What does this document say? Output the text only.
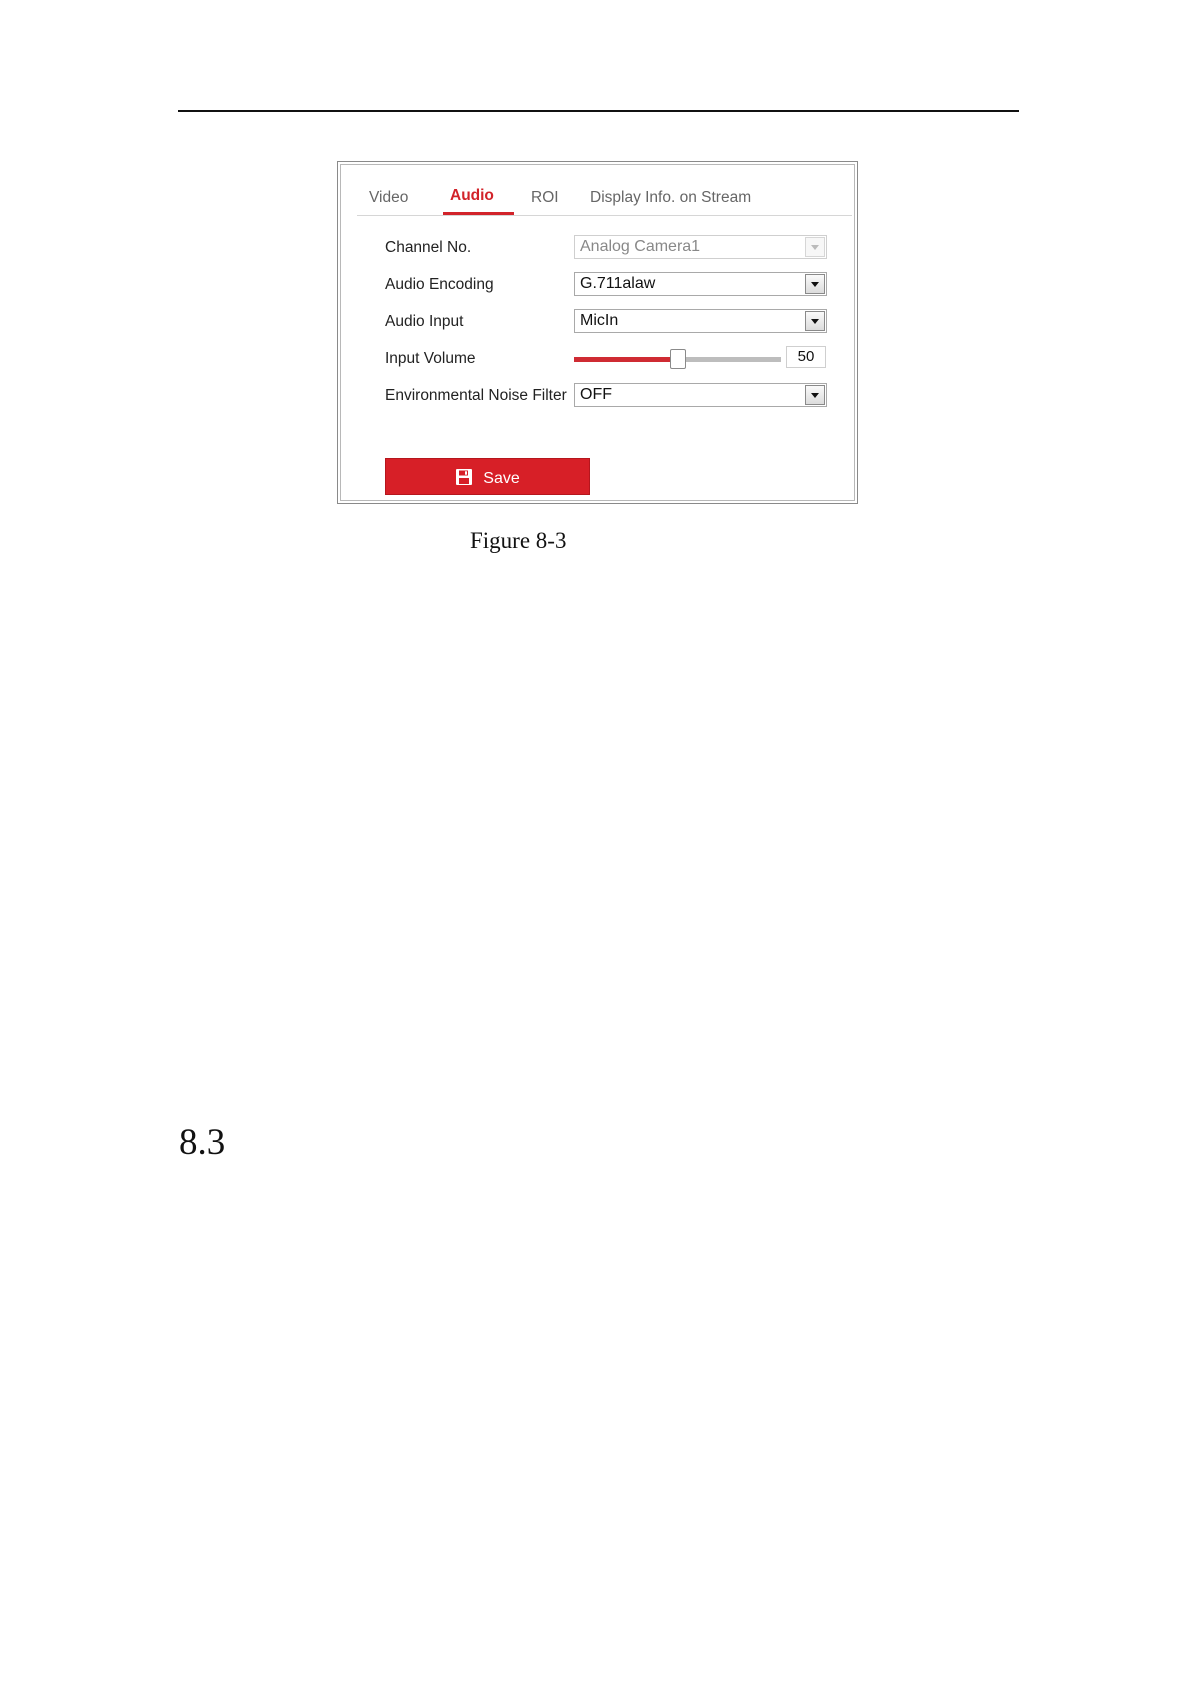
Video	Audio ROI Display Info. on Stream
Channel No.	Analog Camera1
Audio Encoding	G.711alaw
Audio Input	MicIn
Input Volume	50
Environmental Noise Filter OFF
Save
Figure 8-3
8.3
